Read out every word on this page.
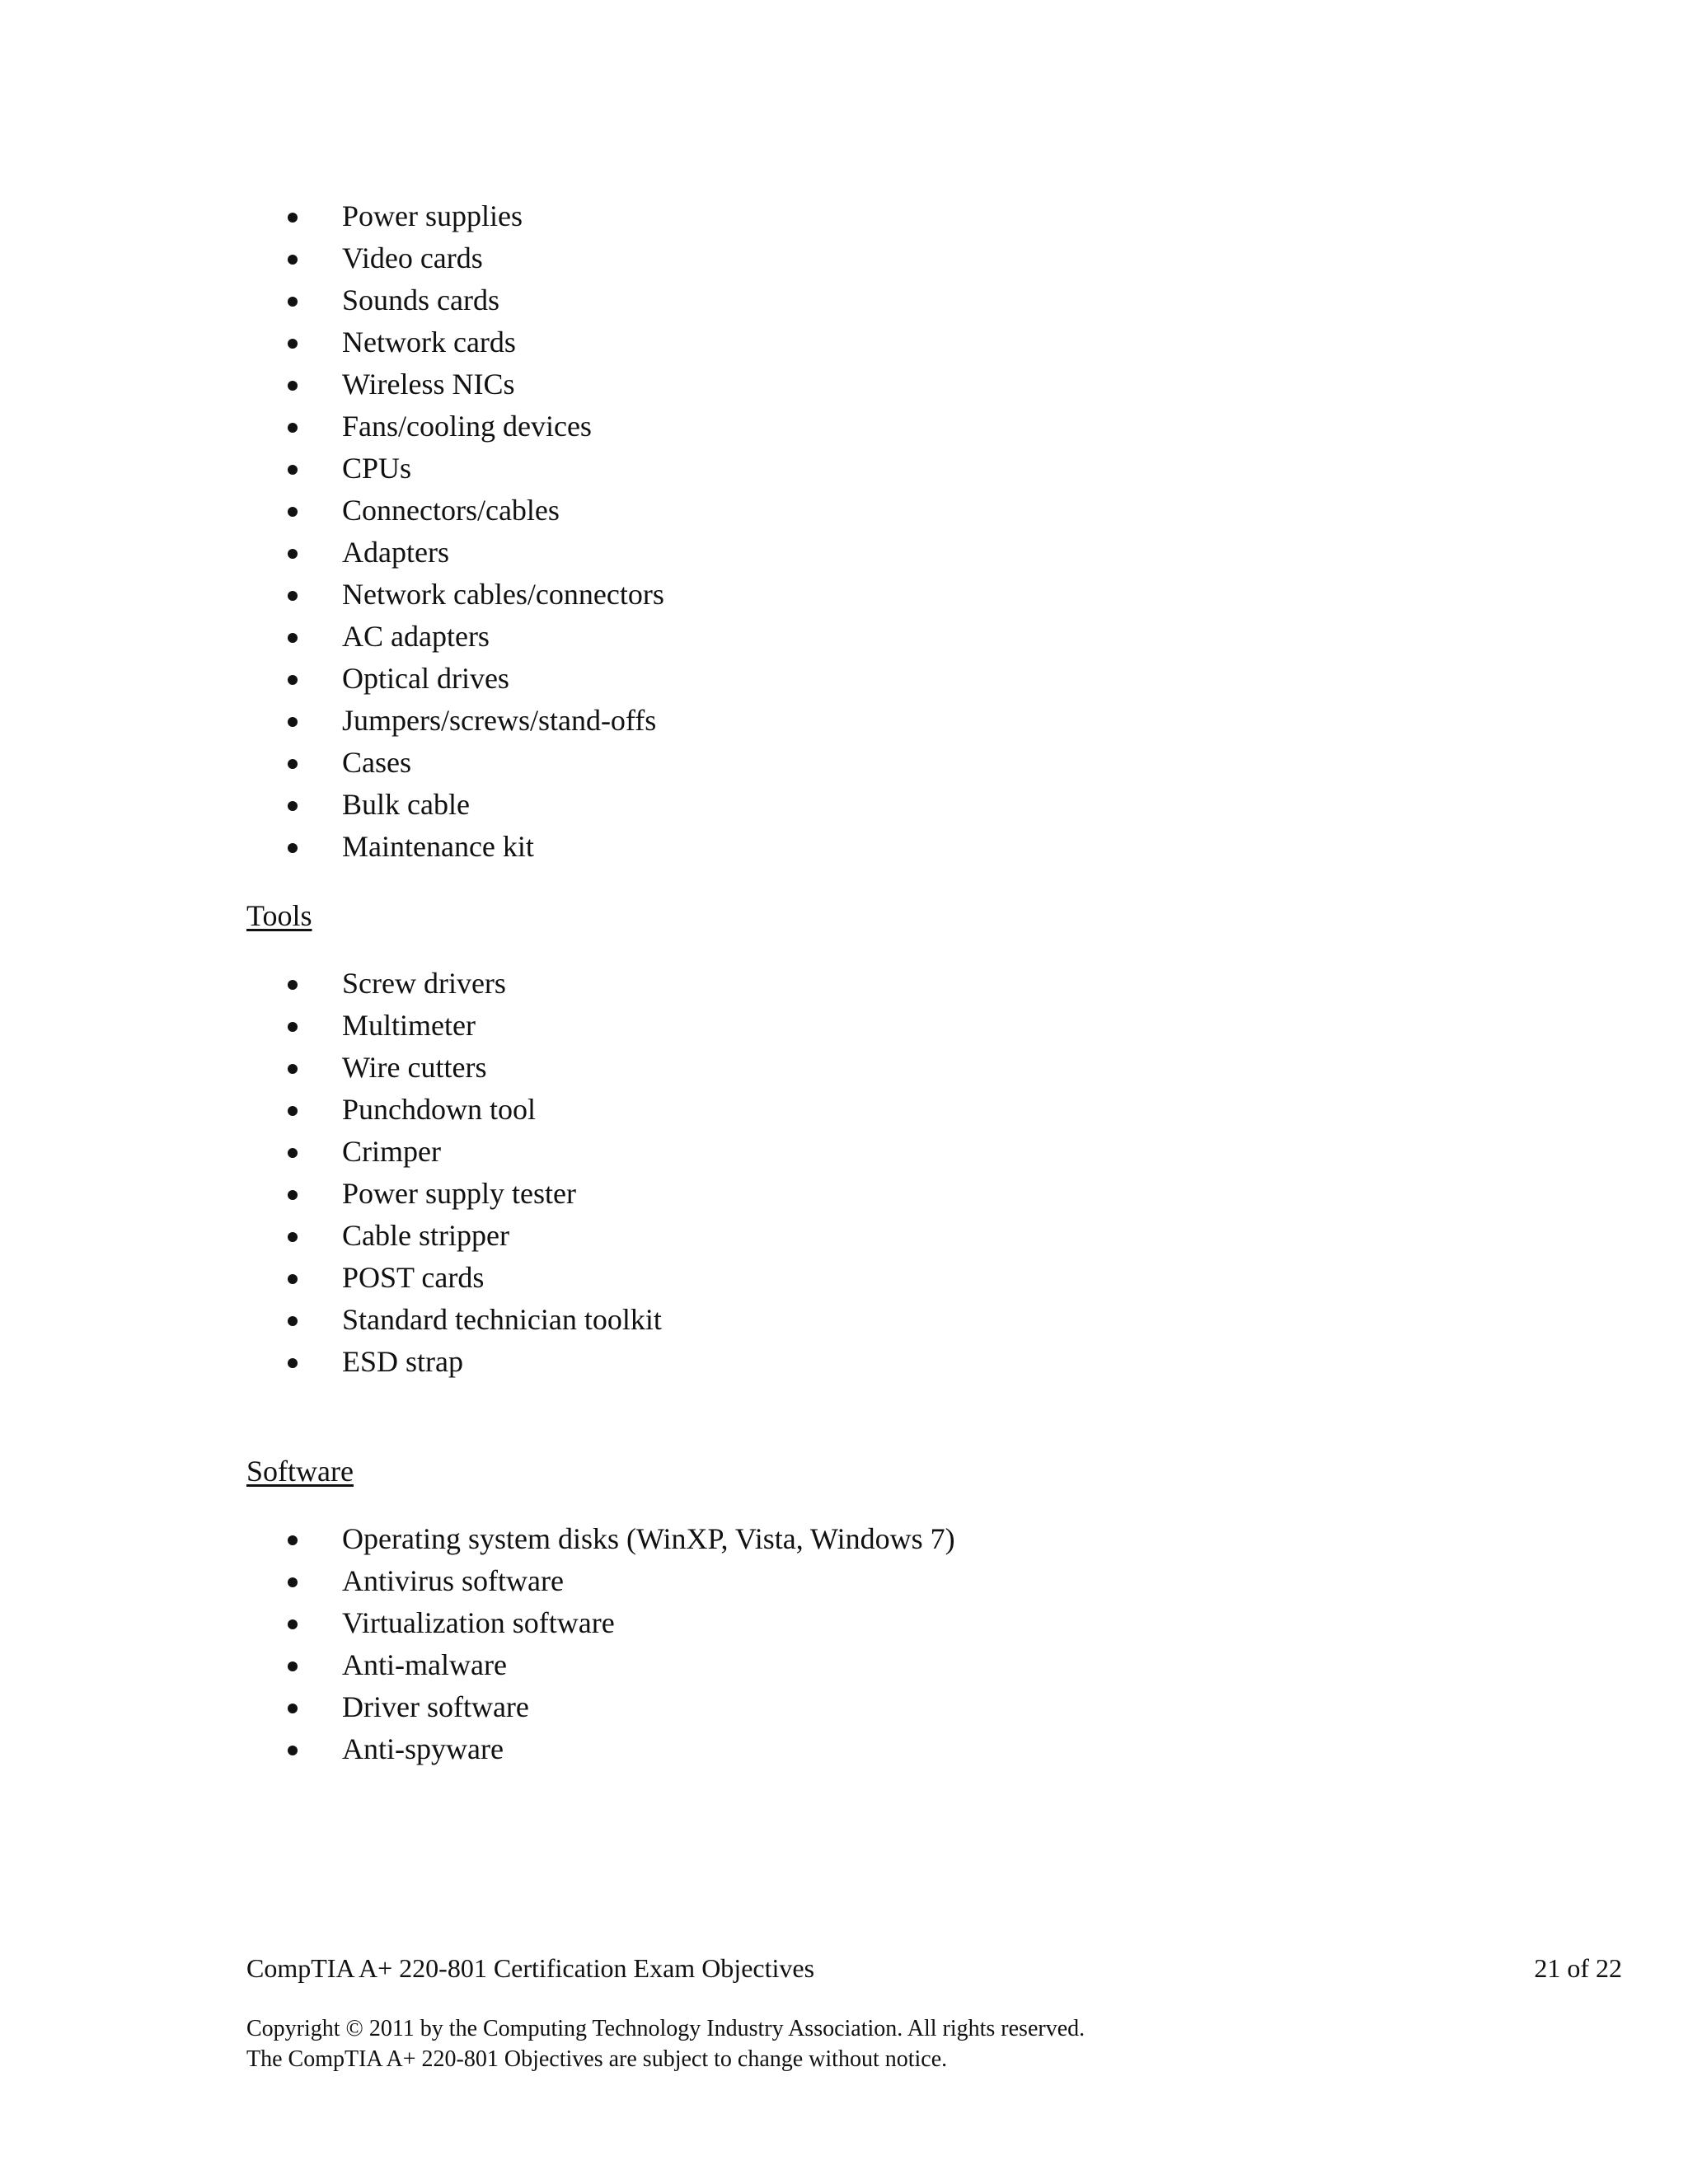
Power supplies
Video cards
Sounds cards
Network cards
Wireless NICs
Fans/cooling devices
CPUs
Connectors/cables
Adapters
Network cables/connectors
AC adapters
Optical drives
Jumpers/screws/stand-offs
Cases
Bulk cable
Maintenance kit
Tools
Screw drivers
Multimeter
Wire cutters
Punchdown tool
Crimper
Power supply tester
Cable stripper
POST cards
Standard technician toolkit
ESD strap
Software
Operating system disks (WinXP, Vista, Windows 7)
Antivirus software
Virtualization software
Anti-malware
Driver software
Anti-spyware
CompTIA A+ 220-801 Certification Exam Objectives	21 of 22
Copyright © 2011 by the Computing Technology Industry Association. All rights reserved.
The CompTIA A+ 220-801 Objectives are subject to change without notice.
